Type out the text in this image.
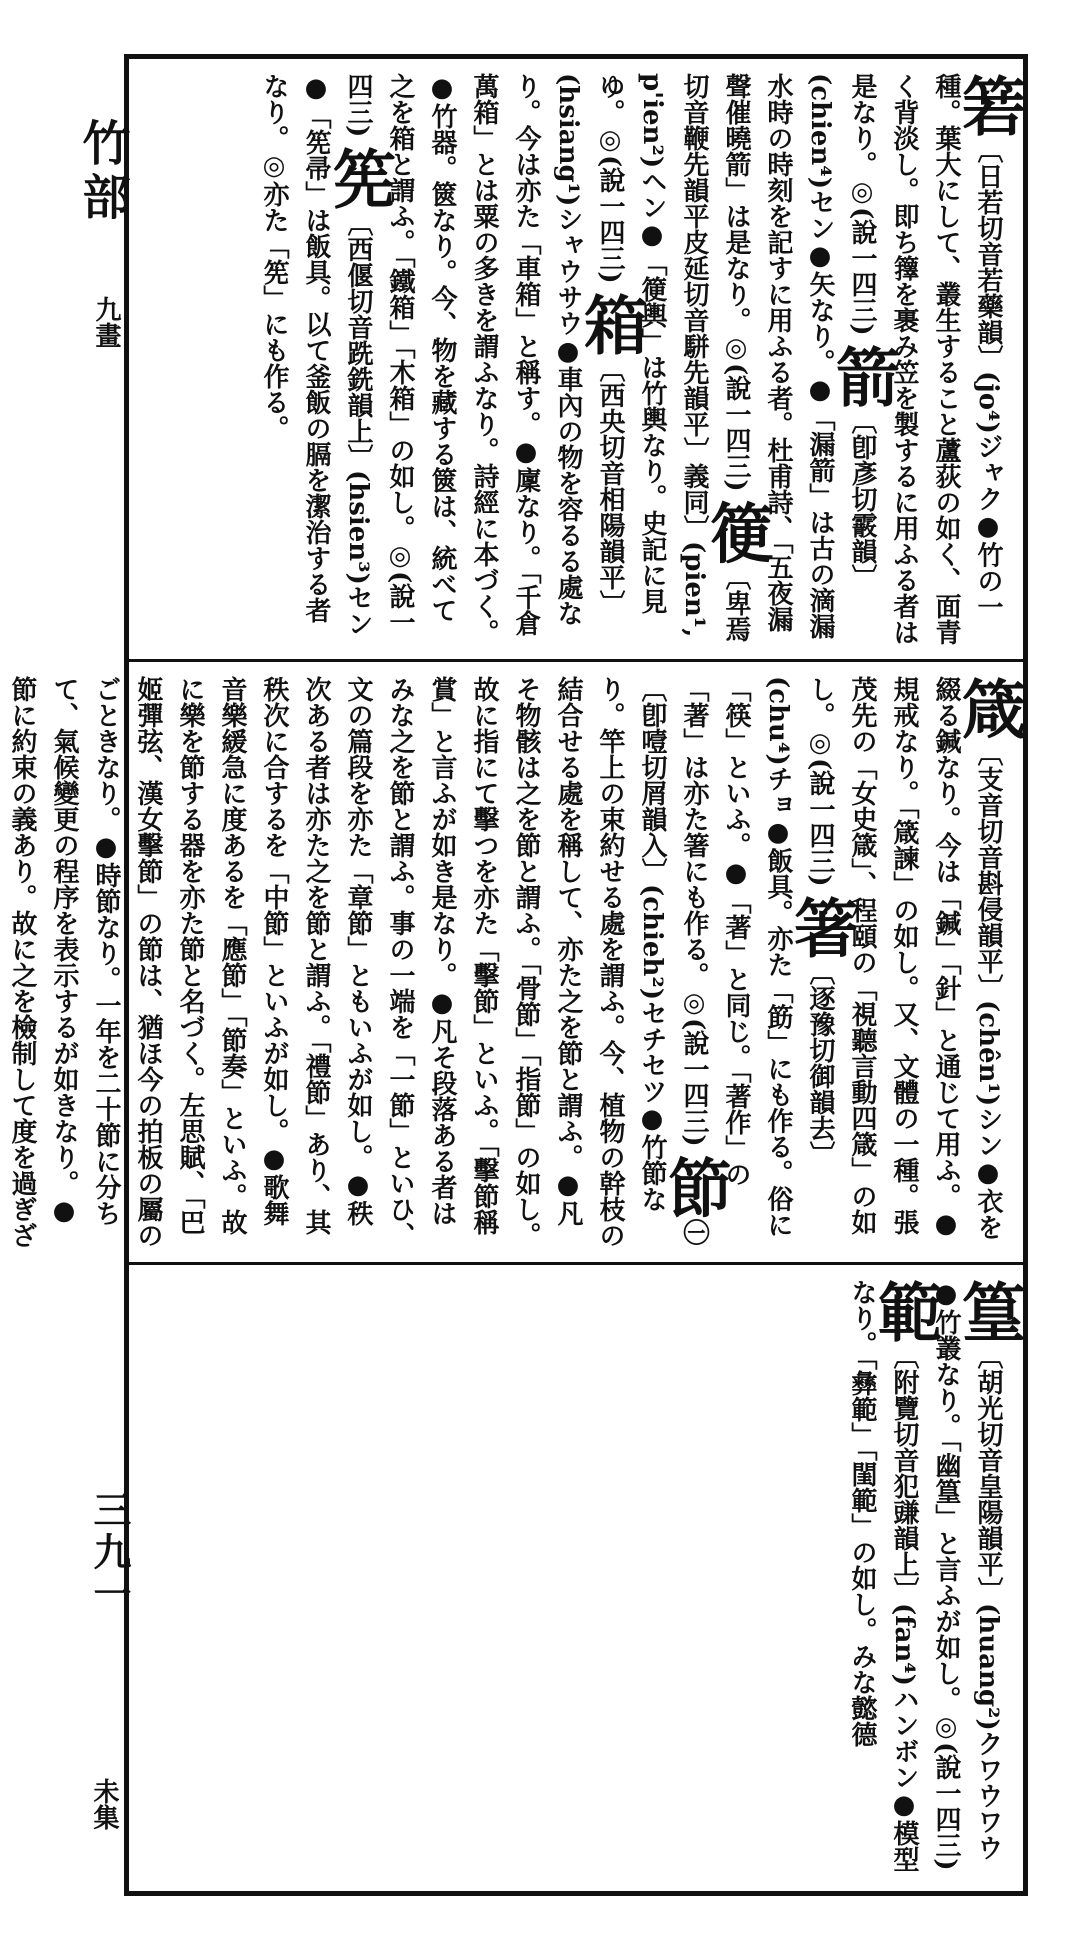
竹部
九畫
三九一
未集
箬〔日若切音若藥韻〕(jo⁴)ジャク●竹の一種。葉大にして、叢生すること蘆荻の如く、面青く背淡し。即ち籜を裹み笠を製するに用ふる者は是なり。◎(說一四三) 箭〔卽彥切霰韻〕(chien⁴)セン●矢なり。●「漏箭」は古の滴漏水時の時刻を記すに用ふる者。杜甫詩、「五夜漏聲催曉箭」は是なり。◎(說一四三) 箯〔卑焉切音鞭先韻平皮延切音駢先韻平〕義同〕(pien¹, p'ien²)ヘン●「箯輿」は竹輿なり。史記に見ゆ。◎(說一四三) 箱〔西央切音相陽韻平〕(hsiang¹)シャウサウ●車內の物を容るる處なり。今は亦た「車箱」と稱す。●廩なり。「千倉萬箱」とは粟の多きを謂ふなり。詩經に本づく。●竹器。篋なり。今、物を藏する篋は、統べて之を箱と謂ふ。「鐵箱」「木箱」の如し。◎(說一四三) 筅〔西偃切音跣銑韻上〕(hsien³)セン●「筅帚」は飯具。以て釜飯の膈を潔治する者なり。◎亦た「筅」にも作る。
箴〔支音切音斟侵韻平〕(chên¹)シン●衣を綴る鍼なり。今は「鍼」「針」と通じて用ふ。●規戒なり。「箴諫」の如し。又、文體の一種。張茂先の「女史箴」、程頤の「視聽言動四箴」の如し。◎(說一四三) 箸〔逐豫切御韻去〕(chu⁴)チョ●飯具。亦た「筯」にも作る。俗に「筷」といふ。●「著」と同じ。「著作」の「著」は亦た箸にも作る。◎(說一四三) 節㊀〔卽噎切屑韻入〕(chieh²)セチセツ●竹節なり。竿上の束約せる處を謂ふ。今、植物の幹枝の結合せる處を稱して、亦た之を節と謂ふ。●凡そ物骸は之を節と謂ふ。「骨節」「指節」の如し。故に指にて擊つを亦た「擊節」といふ。「擊節稱賞」と言ふが如き是なり。●凡そ段落ある者はみな之を節と謂ふ。事の一端を「一節」といひ、文の篇段を亦た「章節」ともいふが如し。●秩次ある者は亦た之を節と謂ふ。「禮節」あり、其秩次に合するを「中節」といふが如し。●歌舞音樂緩急に度あるを「應節」「節奏」といふ。故に樂を節する器を亦た節と名づく。左思賦、「巴姬彈弦、漢女擊節」の節は、猶ほ今の拍板の屬のごときなり。●時節なり。一年を二十節に分ちて、氣候變更の程序を表示するが如きなり。●節に約束の義あり。故に之を檢制して度を過ぎざ
篁〔胡光切音皇陽韻平〕(huang²)クワウワウ●竹叢なり。「幽篁」と言ふが如し。◎(說一四三) 範〔附覽切音犯豏韻上〕(fan⁴)ハンボン●模型なり。「彝範」「閨範」の如し。みな懿德
